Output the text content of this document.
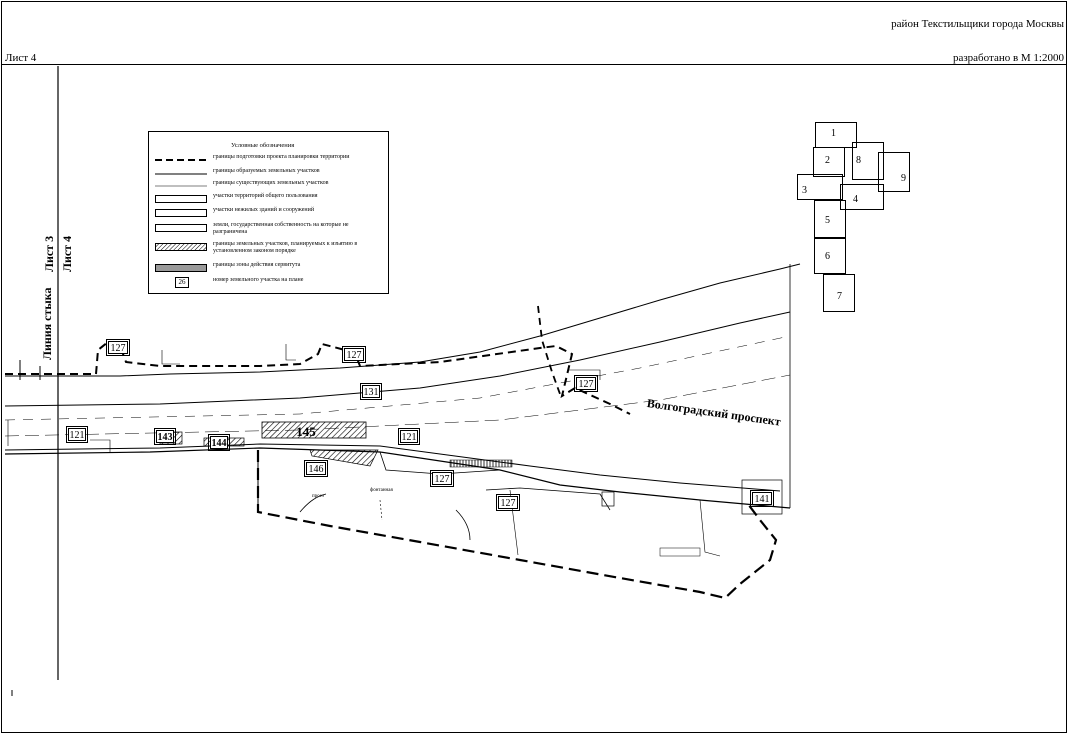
район Текстильщики города Москвы
Лист 4	разработано в М 1:2000
Условные обозначения
границы подготовки проекта планировки территории
границы образуемых земельных участков
границы существующих земельных участков
участки территорий общего пользования
участки нежилых зданий и сооружений
земли, государственная собственность на которые не разграничена
границы земельных участков, планируемых к изъятию в установленном законом порядке
границы зоны действия сервитута
26	номер земельного участка на плане
Линия стыка
Лист 3 Лист 4
Волгоградский проспект
127
127
131
121	143
144
145	121
146
127
127
127
141
проез
фонтанная
1
2	8
3
4
9
5
6
7
